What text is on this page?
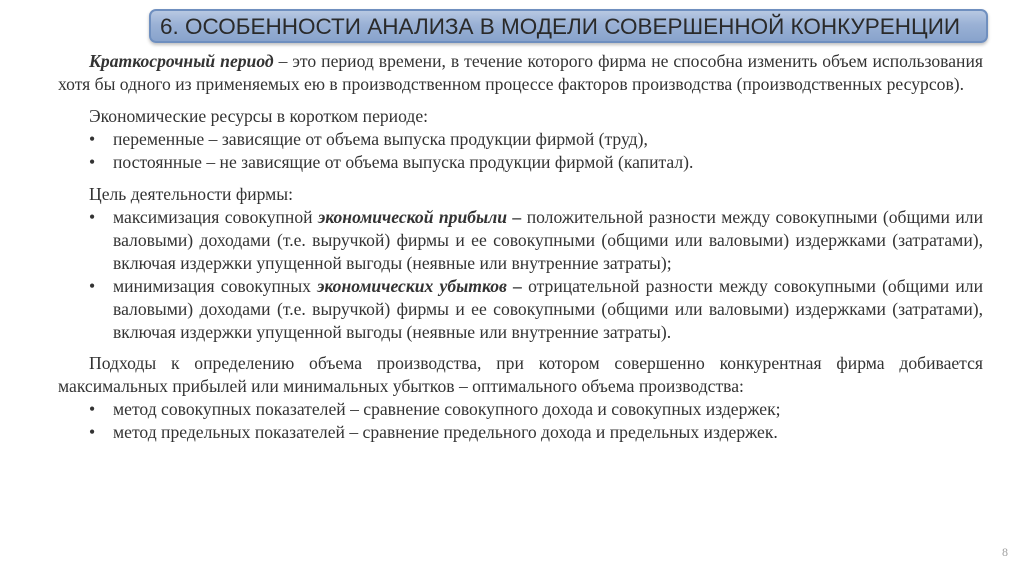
6. ОСОБЕННОСТИ АНАЛИЗА В МОДЕЛИ СОВЕРШЕННОЙ КОНКУРЕНЦИИ

Краткосрочный период – это период времени, в течение которого фирма не способна изменить объем использования хотя бы одного из применяемых ею в производственном процессе факторов производства (производственных ресурсов).

Экономические ресурсы в коротком периоде:

• переменные – зависящие от объема выпуска продукции фирмой (труд),
• постоянные – не зависящие от объема выпуска продукции фирмой (капитал).

Цель деятельности фирмы:

• максимизация совокупной экономической прибыли – положительной разности между совокупными (общими или валовыми) доходами (т.е. выручкой) фирмы и ее совокупными (общими или валовыми) издержками (затратами), включая издержки упущенной выгоды (неявные или внутренние затраты);
• минимизация совокупных экономических убытков – отрицательной разности между совокупными (общими или валовыми) доходами (т.е. выручкой) фирмы и ее совокупными (общими или валовыми) издержками (затратами), включая издержки упущенной выгоды (неявные или внутренние затраты).

Подходы к определению объема производства, при котором совершенно конкурентная фирма добивается максимальных прибылей или минимальных убытков – оптимального объема производства:

• метод совокупных показателей – сравнение совокупного дохода и совокупных издержек;
• метод предельных показателей – сравнение предельного дохода и предельных издержек.
8
